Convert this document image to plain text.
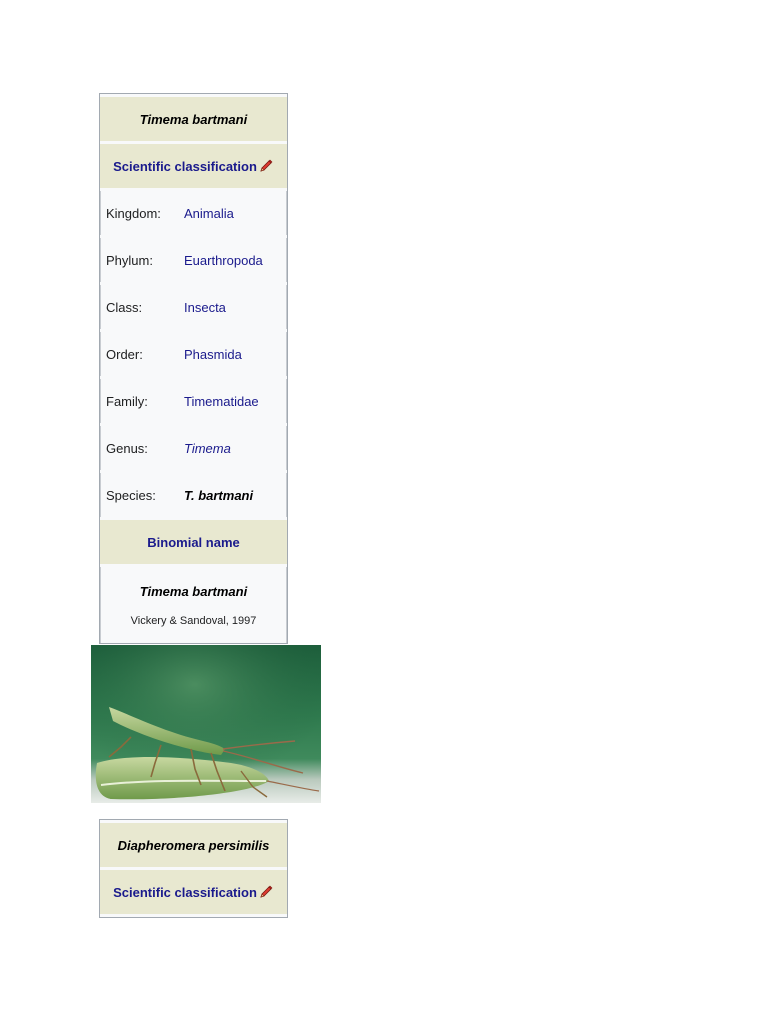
Timema bartmani
Scientific classification
Kingdom:	Animalia
Phylum:	Euarthropoda
Class:	Insecta
Order:	Phasmida
Family:	Timematidae
Genus:	Timema
Species:	T. bartmani
Binomial name
Timema bartmani
Vickery & Sandoval, 1997
Diapheromera persimilis
Scientific classification
